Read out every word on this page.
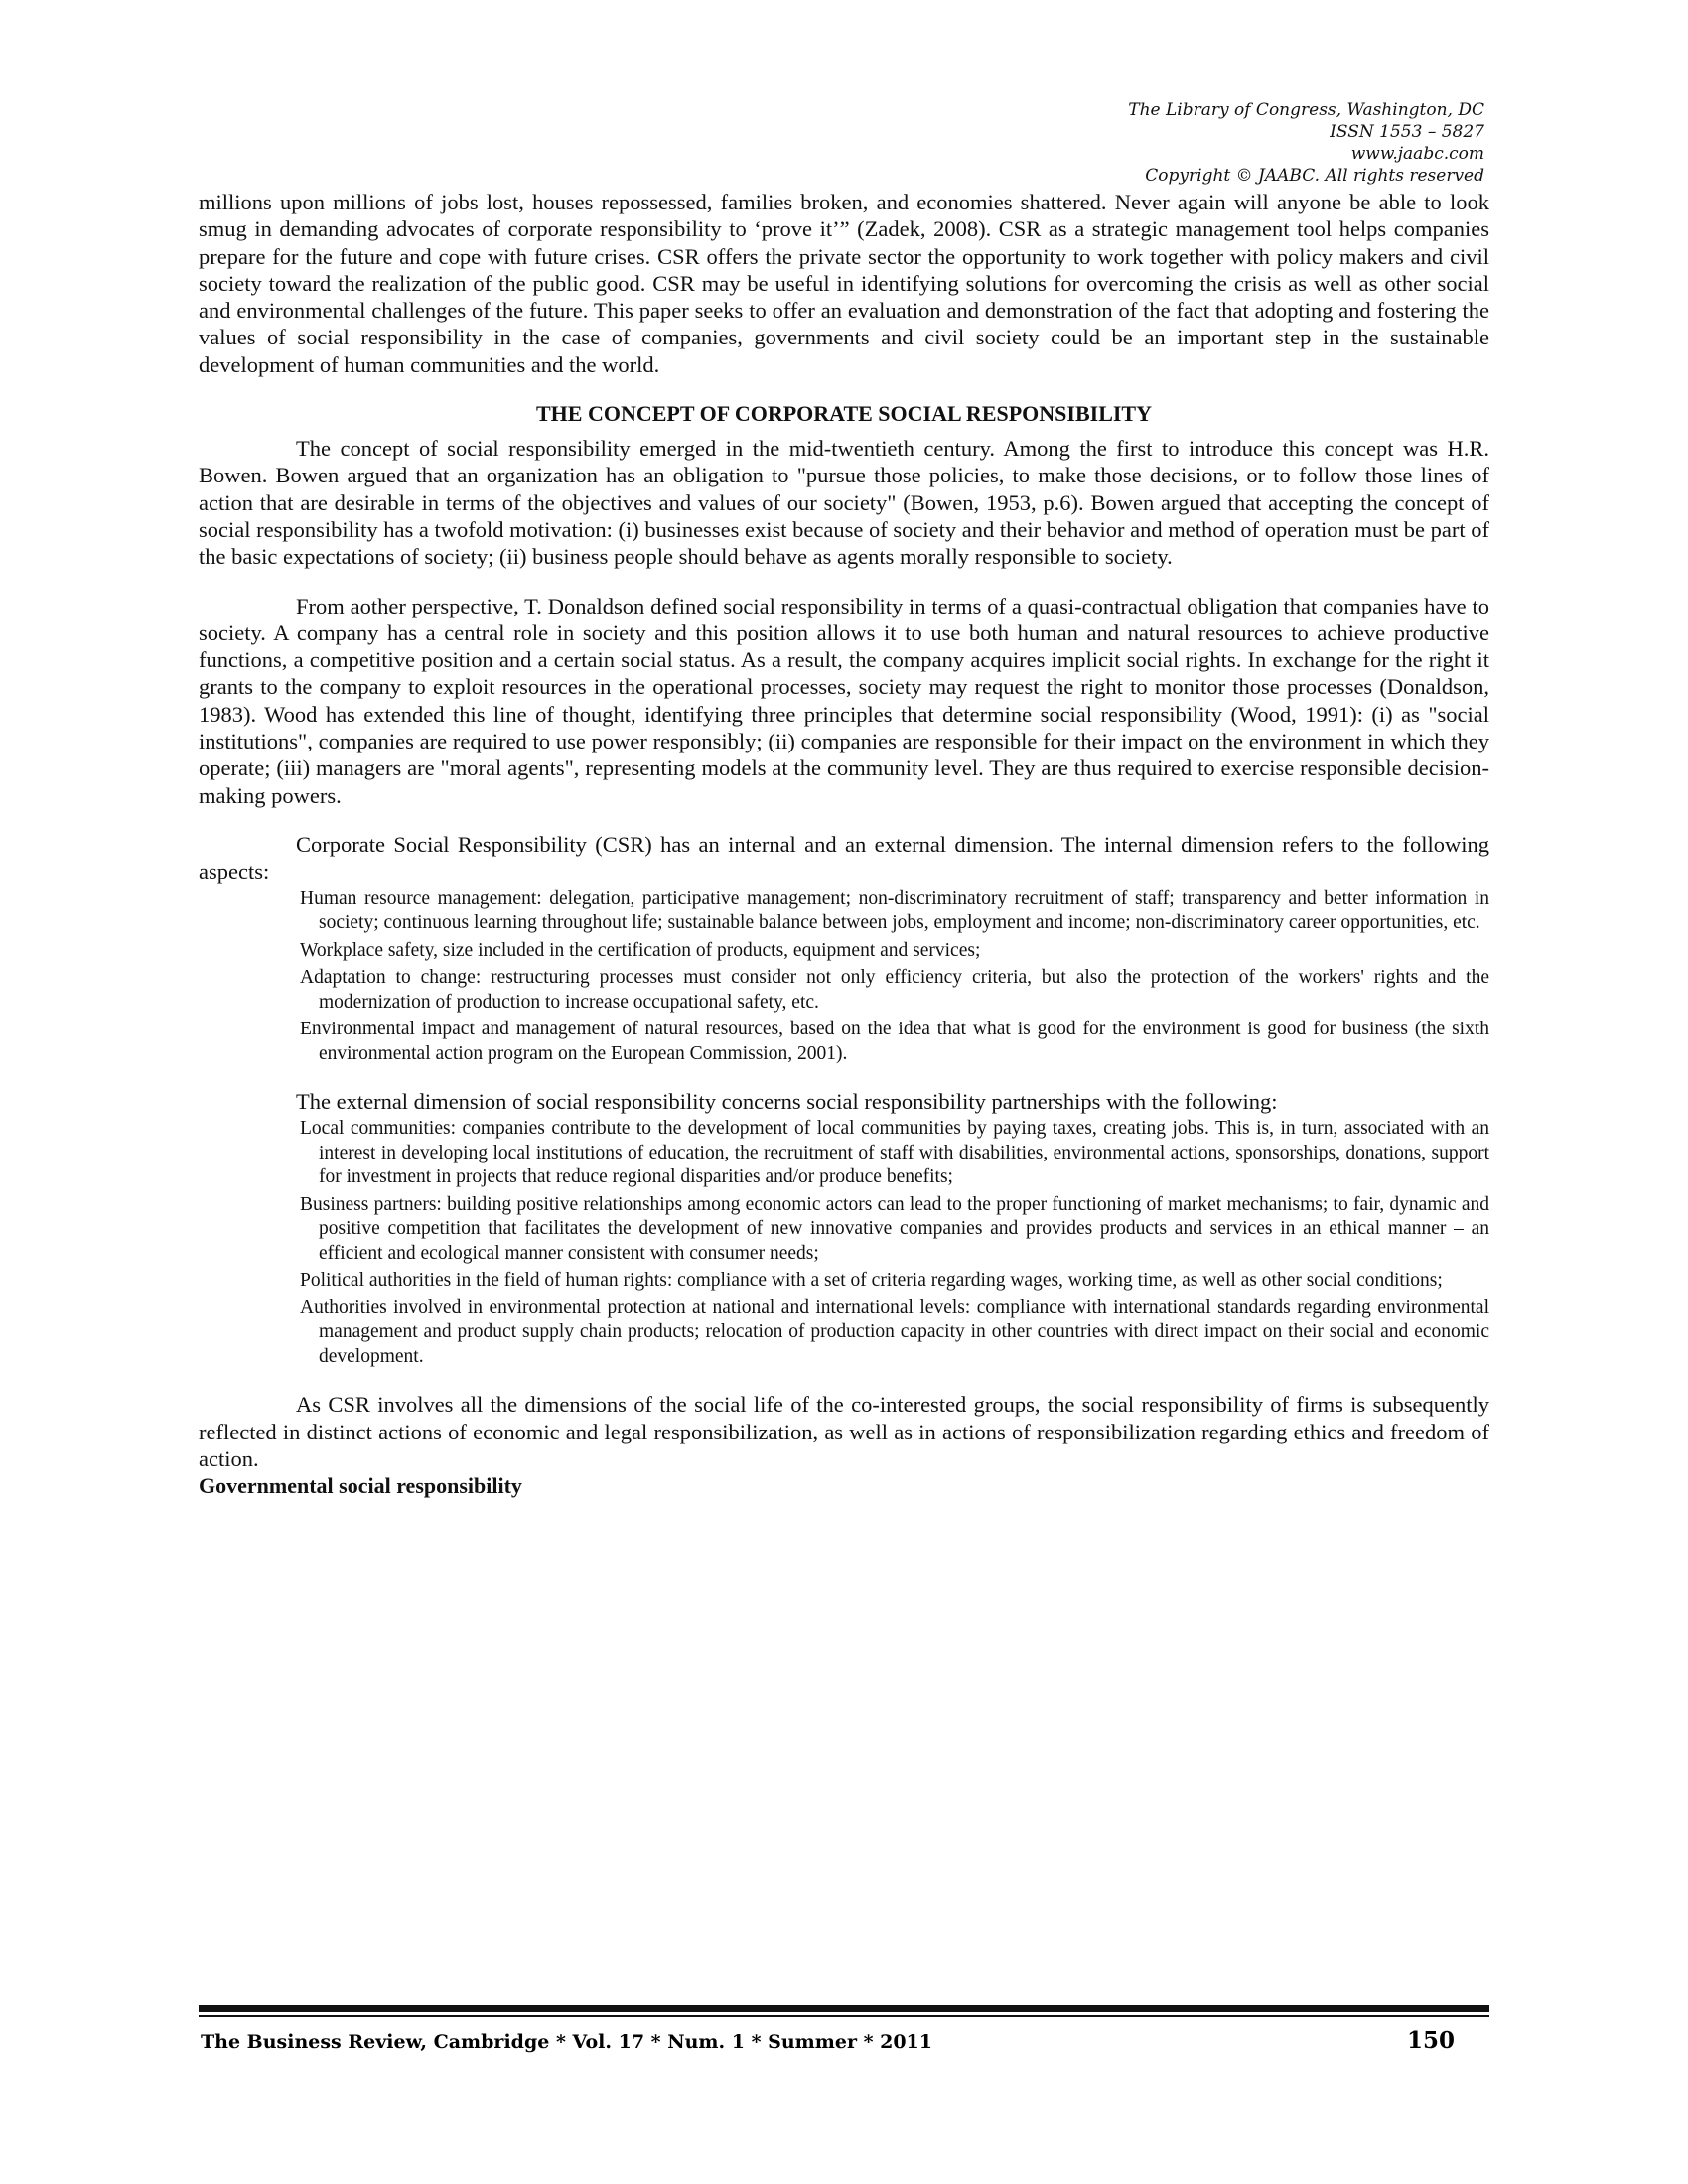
The Library of Congress, Washington, DC
ISSN 1553 – 5827
www.jaabc.com
Copyright © JAABC. All rights reserved

millions upon millions of jobs lost, houses repossessed, families broken, and economies shattered. Never again will anyone be able to look smug in demanding advocates of corporate responsibility to ‘prove it’” (Zadek, 2008). CSR as a strategic management tool helps companies prepare for the future and cope with future crises. CSR offers the private sector the opportunity to work together with policy makers and civil society toward the realization of the public good. CSR may be useful in identifying solutions for overcoming the crisis as well as other social and environmental challenges of the future. This paper seeks to offer an evaluation and demonstration of the fact that adopting and fostering the values of social responsibility in the case of companies, governments and civil society could be an important step in the sustainable development of human communities and the world.

THE CONCEPT OF CORPORATE SOCIAL RESPONSIBILITY

The concept of social responsibility emerged in the mid-twentieth century. Among the first to introduce this concept was H.R. Bowen. Bowen argued that an organization has an obligation to "pursue those policies, to make those decisions, or to follow those lines of action that are desirable in terms of the objectives and values of our society" (Bowen, 1953, p.6). Bowen argued that accepting the concept of social responsibility has a twofold motivation: (i) businesses exist because of society and their behavior and method of operation must be part of the basic expectations of society; (ii) business people should behave as agents morally responsible to society.

From aother perspective, T. Donaldson defined social responsibility in terms of a quasi-contractual obligation that companies have to society. A company has a central role in society and this position allows it to use both human and natural resources to achieve productive functions, a competitive position and a certain social status. As a result, the company acquires implicit social rights. In exchange for the right it grants to the company to exploit resources in the operational processes, society may request the right to monitor those processes (Donaldson, 1983). Wood has extended this line of thought, identifying three principles that determine social responsibility (Wood, 1991): (i) as "social institutions", companies are required to use power responsibly; (ii) companies are responsible for their impact on the environment in which they operate; (iii) managers are "moral agents", representing models at the community level. They are thus required to exercise responsible decision-making powers.

Corporate Social Responsibility (CSR) has an internal and an external dimension. The internal dimension refers to the following aspects:

Human resource management: delegation, participative management; non-discriminatory recruitment of staff; transparency and better information in society; continuous learning throughout life; sustainable balance between jobs, employment and income; non-discriminatory career opportunities, etc.
Workplace safety, size included in the certification of products, equipment and services;
Adaptation to change: restructuring processes must consider not only efficiency criteria, but also the protection of the workers' rights and the modernization of production to increase occupational safety, etc.
Environmental impact and management of natural resources, based on the idea that what is good for the environment is good for business (the sixth environmental action program on the European Commission, 2001).

The external dimension of social responsibility concerns social responsibility partnerships with the following:

Local communities: companies contribute to the development of local communities by paying taxes, creating jobs. This is, in turn, associated with an interest in developing local institutions of education, the recruitment of staff with disabilities, environmental actions, sponsorships, donations, support for investment in projects that reduce regional disparities and/or produce benefits;
Business partners: building positive relationships among economic actors can lead to the proper functioning of market mechanisms; to fair, dynamic and positive competition that facilitates the development of new innovative companies and provides products and services in an ethical manner – an efficient and ecological manner consistent with consumer needs;
Political authorities in the field of human rights: compliance with a set of criteria regarding wages, working time, as well as other social conditions;
Authorities involved in environmental protection at national and international levels: compliance with international standards regarding environmental management and product supply chain products; relocation of production capacity in other countries with direct impact on their social and economic development.

As CSR involves all the dimensions of the social life of the co-interested groups, the social responsibility of firms is subsequently reflected in distinct actions of economic and legal responsibilization, as well as in actions of responsibilization regarding ethics and freedom of action.

Governmental social responsibility
The Business Review, Cambridge * Vol. 17 * Num. 1 * Summer * 2011	150
